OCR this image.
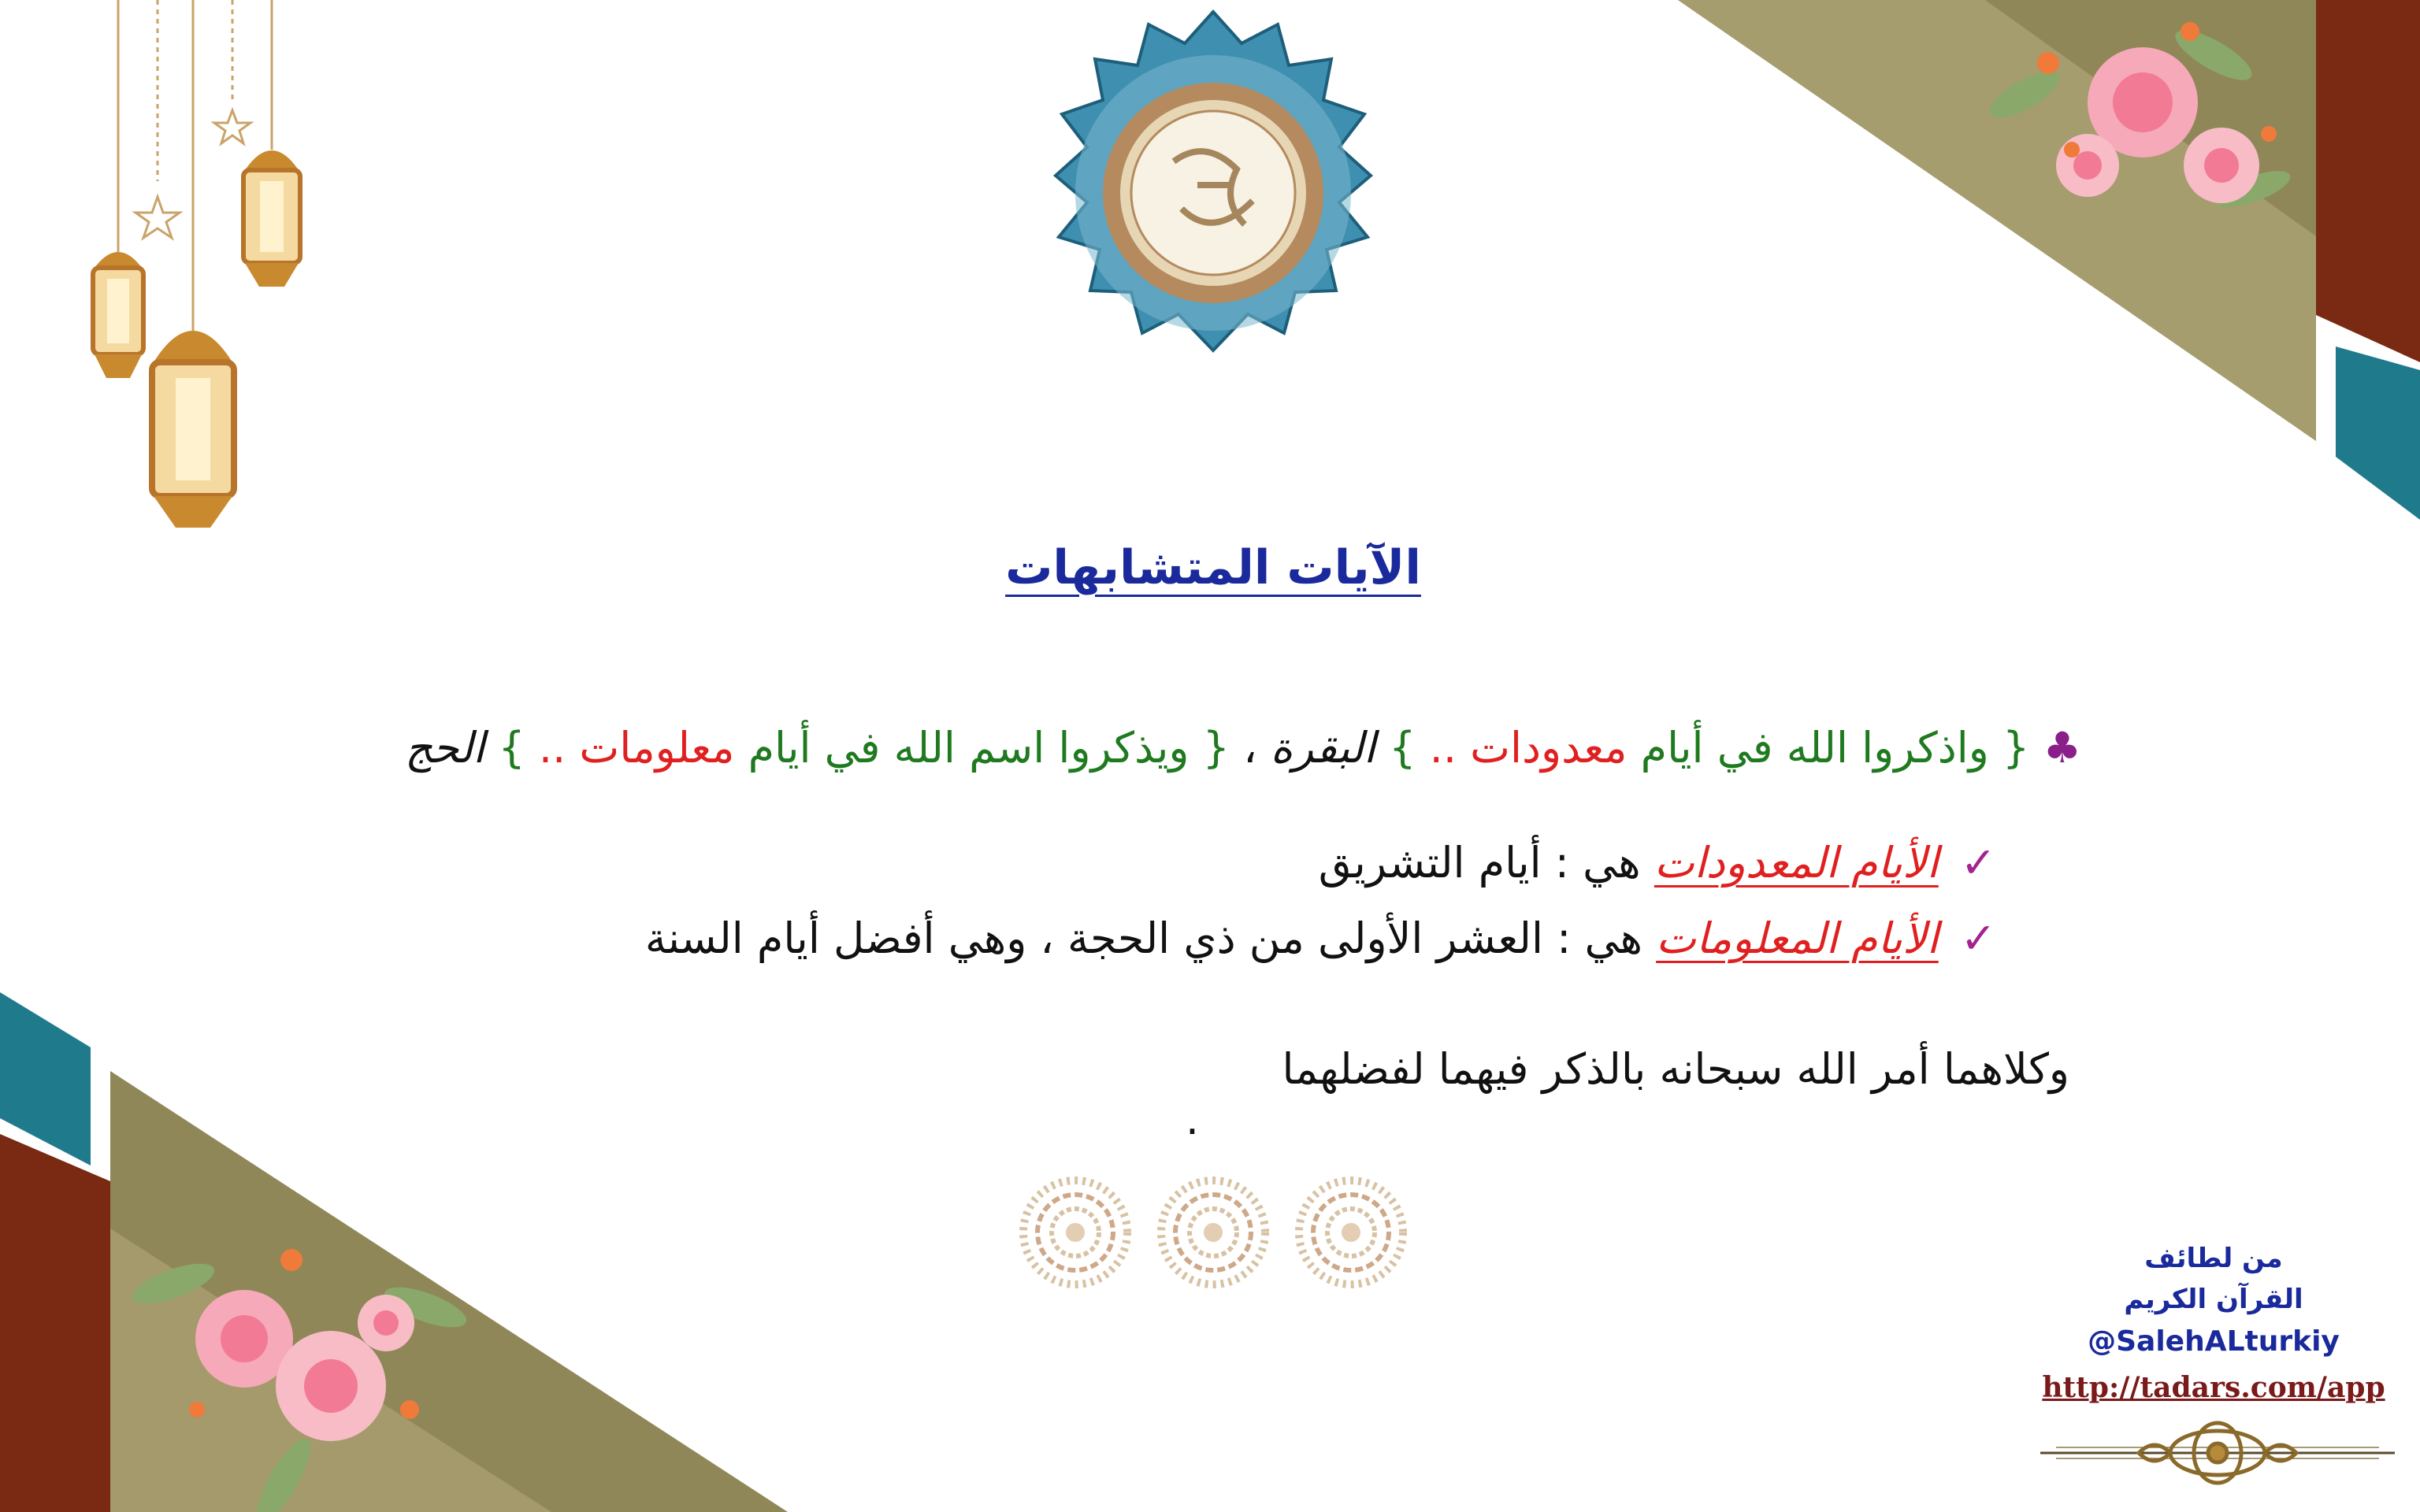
الآيات المتشابهات
♣ { واذكروا الله في أيام معدودات .. } البقرة ، { ويذكروا اسم الله في أيام معلومات .. } الحج
✓الأيام المعدودات هي : أيام التشريق
✓الأيام المعلومات هي : العشر الأولى من ذي الحجة ، وهي أفضل أيام السنة
وكلاهما أمر الله سبحانه بالذكر فيهما لفضلهما
.
من لطائف
القرآن الكريم
@SalehALturkiy
http://tadars.com/app
